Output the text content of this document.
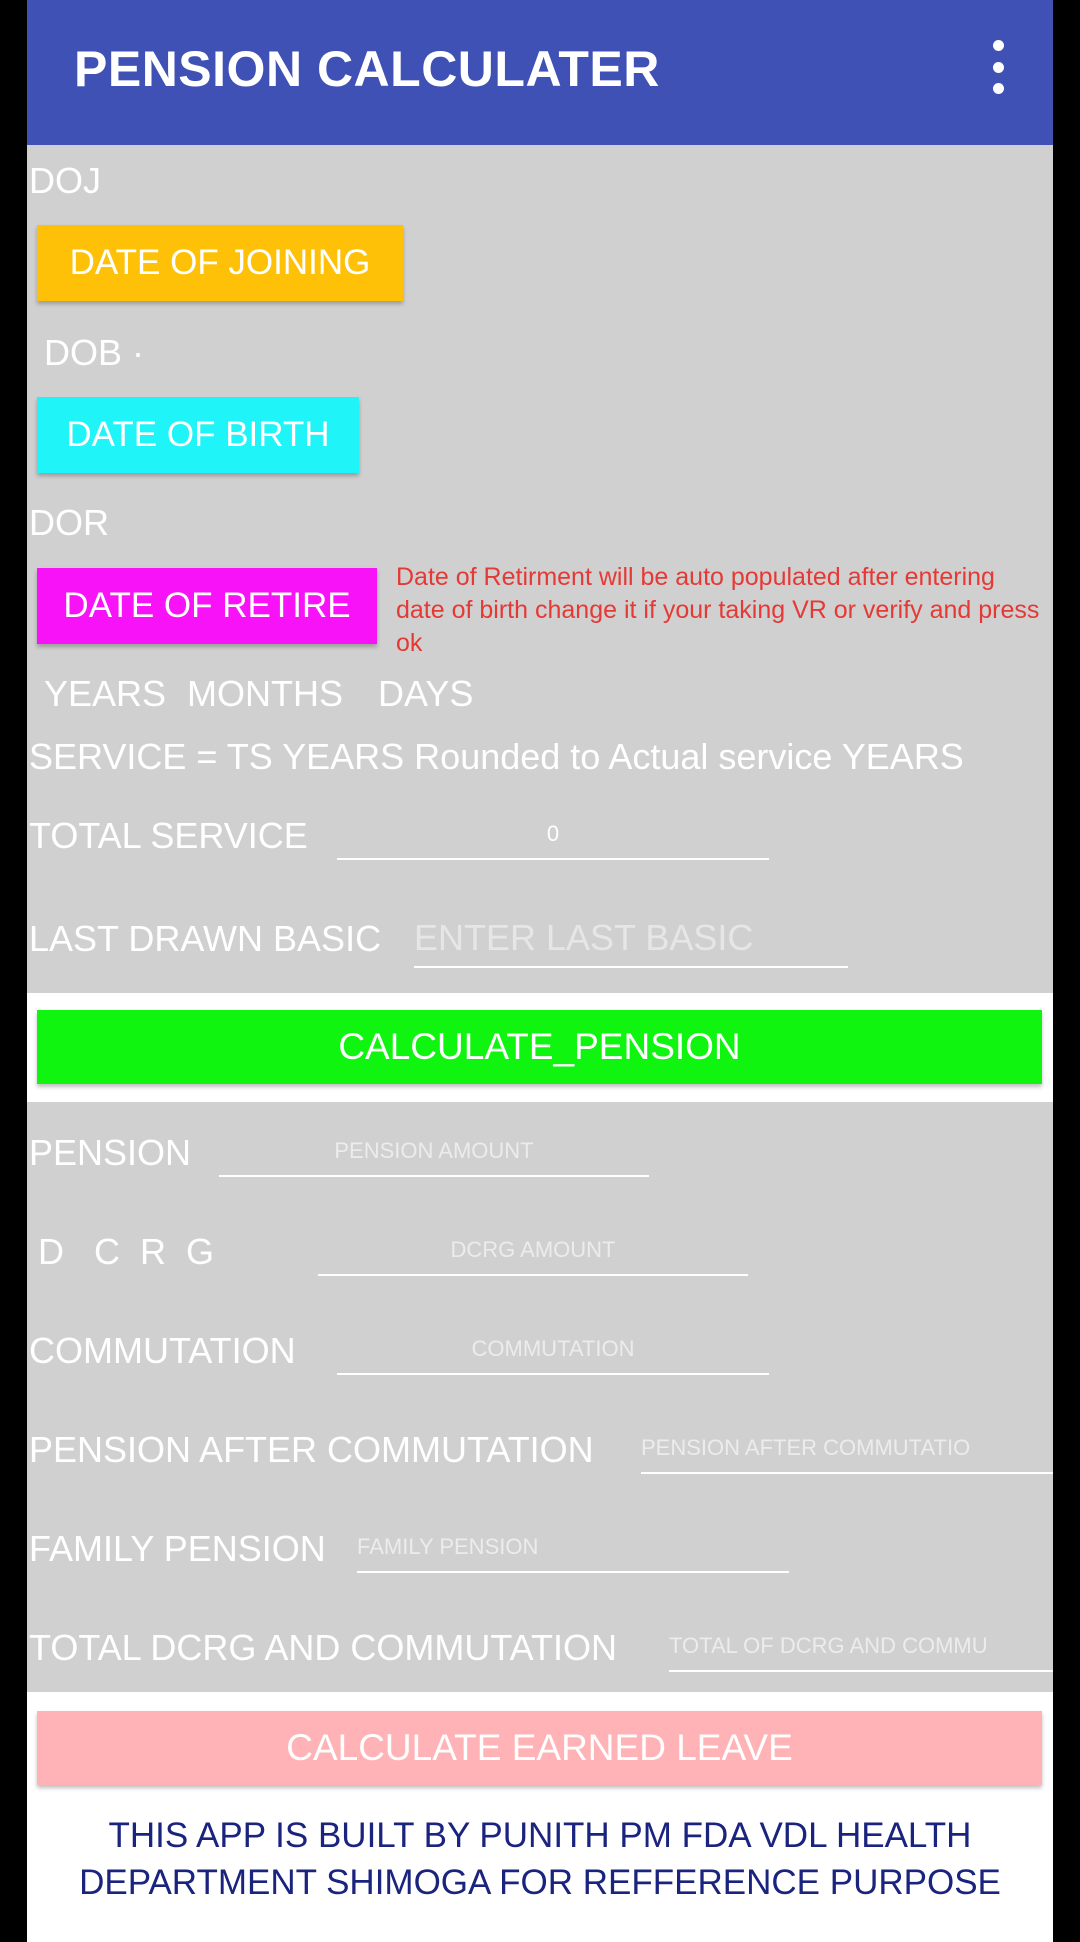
PENSION CALCULATER
DOJ
DATE OF JOINING
DOB ·
DATE OF BIRTH
DOR
DATE OF RETIRE
Date of Retirment will be auto populated after entering date of birth change it if your taking VR or verify and press ok
YEARS MONTHS DAYS
SERVICE = TS YEARS Rounded to Actual service YEARS
TOTAL SERVICE
0
LAST DRAWN BASIC
ENTER LAST BASIC
CALCULATE_PENSION
PENSION
PENSION AMOUNT
D   C  R  G
DCRG AMOUNT
COMMUTATION
COMMUTATION
PENSION AFTER COMMUTATION
PENSION AFTER COMMUTATIO
FAMILY PENSION
FAMILY PENSION
TOTAL DCRG AND COMMUTATION
TOTAL OF DCRG AND COMMU
CALCULATE EARNED LEAVE
THIS APP IS BUILT BY PUNITH PM FDA VDL HEALTH
DEPARTMENT SHIMOGA FOR REFFERENCE PURPOSE
